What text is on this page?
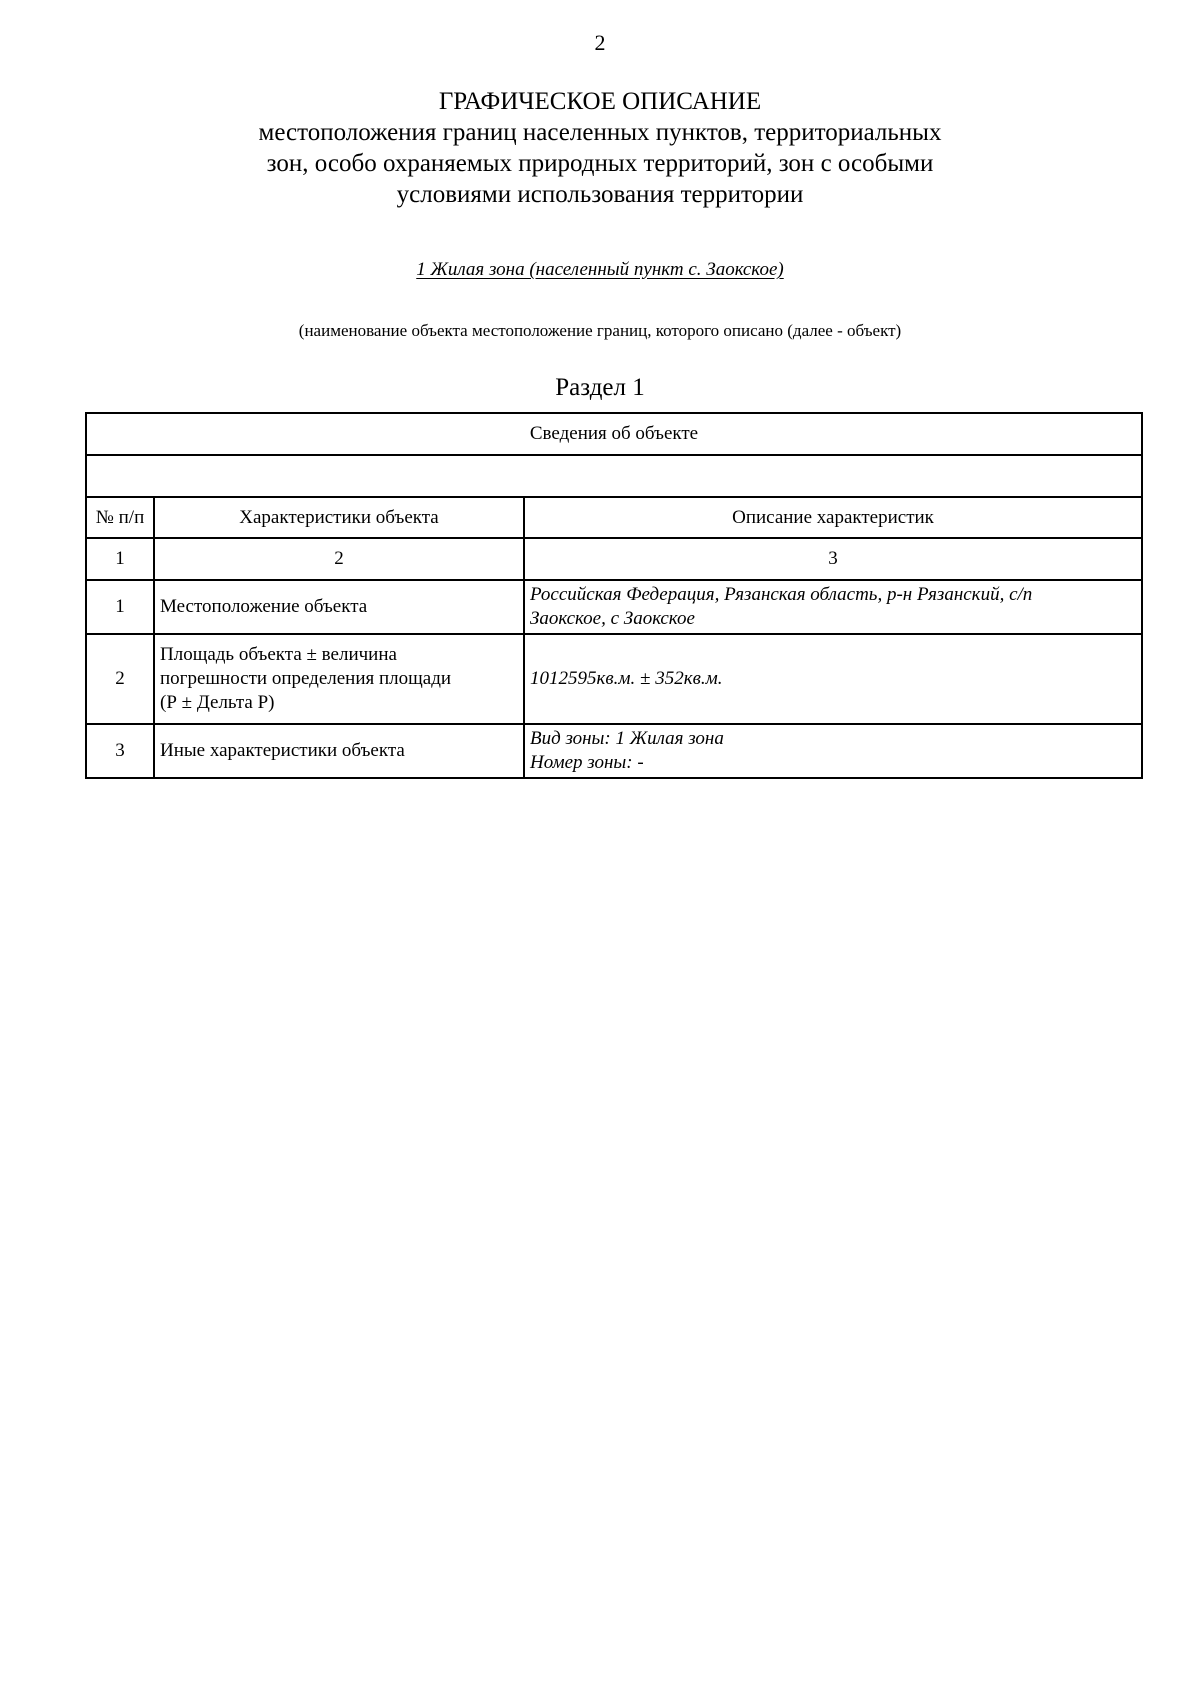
2
ГРАФИЧЕСКОЕ ОПИСАНИЕ
местоположения границ населенных пунктов, территориальных
зон, особо охраняемых природных территорий, зон с особыми
условиями использования территории
1 Жилая зона (населенный пункт с. Заокское)
(наименование объекта местоположение границ, которого описано (далее - объект)
Раздел 1
Сведения об объекте		

№ п/п	Характеристики объекта	Описание характеристик
1	2	3
1	Местоположение объекта	Российская Федерация, Рязанская область, р-н Рязанский, с/п
Заокское, с Заокское

2	Площадь объекта ± величина
погрешности определения площади
(Р ± Дельта Р)	1012595кв.м. ± 352кв.м.

3	Иные характеристики объекта	Вид зоны: 1 Жилая зона
Номер зоны: -
